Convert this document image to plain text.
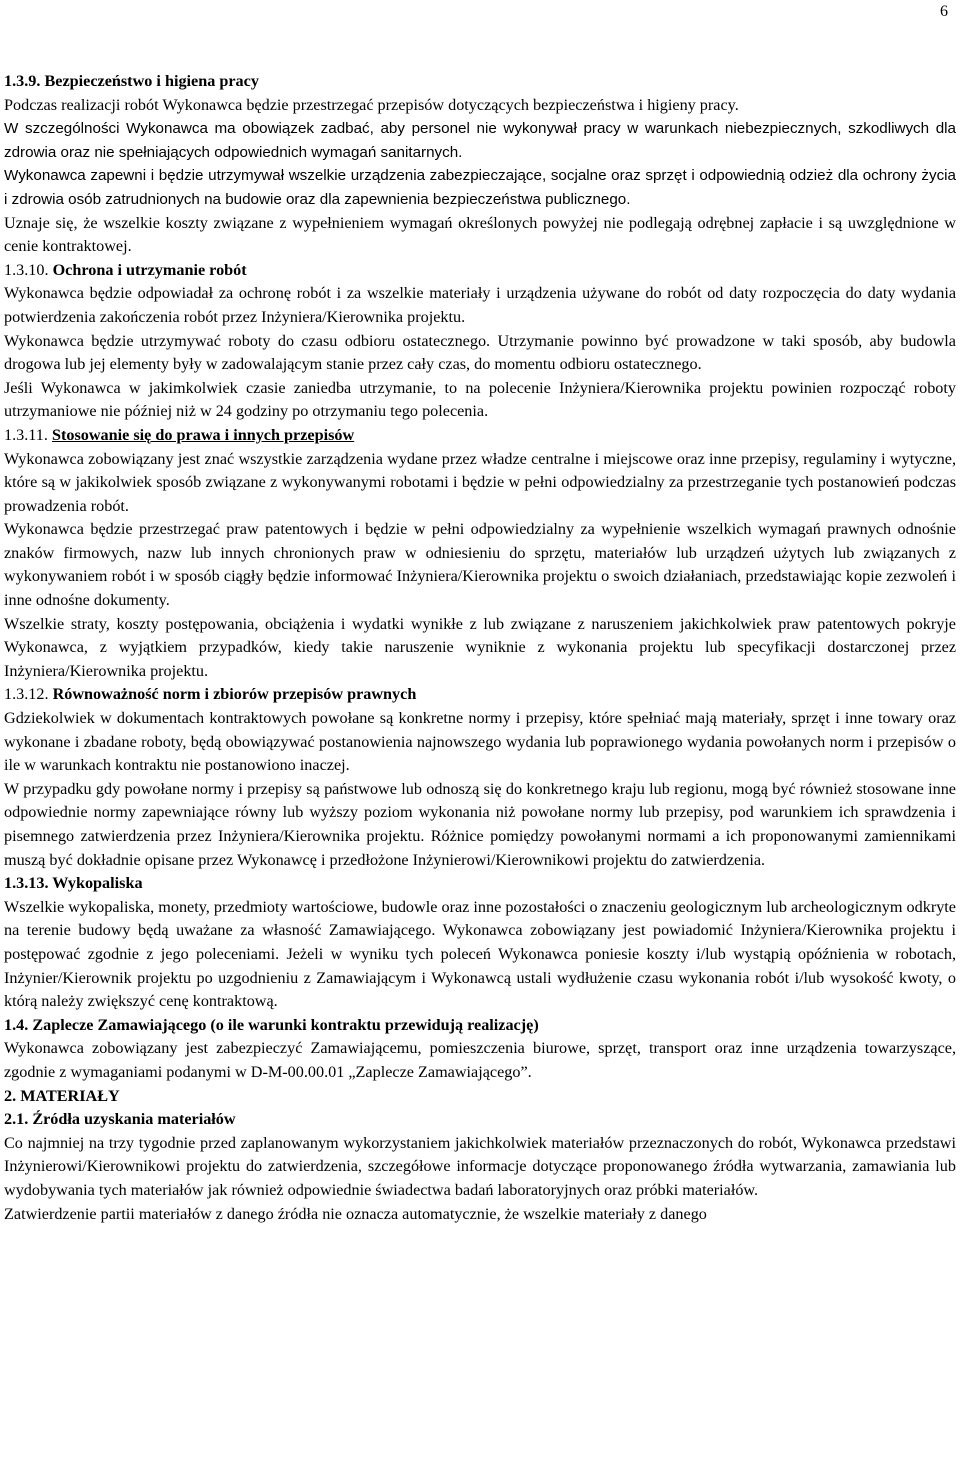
6

1.3.9. Bezpieczeństwo i higiena pracy

Podczas realizacji robót Wykonawca będzie przestrzegać przepisów dotyczących bezpieczeństwa i higieny pracy.

W szczególności Wykonawca ma obowiązek zadbać, aby personel nie wykonywał pracy w warunkach niebezpiecznych, szkodliwych dla zdrowia oraz nie spełniających odpowiednich wymagań sanitarnych.

Wykonawca zapewni i będzie utrzymywał wszelkie urządzenia zabezpieczające, socjalne oraz sprzęt i odpowiednią odzież dla ochrony życia i zdrowia osób zatrudnionych na budowie oraz dla zapewnienia bezpieczeństwa publicznego.

Uznaje się, że wszelkie koszty związane z wypełnieniem wymagań określonych powyżej nie podlegają odrębnej zapłacie i są uwzględnione w cenie kontraktowej.

1.3.10. Ochrona i utrzymanie robót

Wykonawca będzie odpowiadał za ochronę robót i za wszelkie materiały i urządzenia używane do robót od daty rozpoczęcia do daty wydania potwierdzenia zakończenia robót przez Inżyniera/Kierownika projektu.

Wykonawca będzie utrzymywać roboty do czasu odbioru ostatecznego. Utrzymanie powinno być prowadzone w taki sposób, aby budowla drogowa lub jej elementy były w zadowalającym stanie przez cały czas, do momentu odbioru ostatecznego.

Jeśli Wykonawca w jakimkolwiek czasie zaniedba utrzymanie, to na polecenie Inżyniera/Kierownika projektu powinien rozpocząć roboty utrzymaniowe nie później niż w 24 godziny po otrzymaniu tego polecenia.

1.3.11. Stosowanie się do prawa i innych przepisów

Wykonawca zobowiązany jest znać wszystkie zarządzenia wydane przez władze centralne i miejscowe oraz inne przepisy, regulaminy i wytyczne, które są w jakikolwiek sposób związane z wykonywanymi robotami i będzie w pełni odpowiedzialny za przestrzeganie tych postanowień podczas prowadzenia robót.

Wykonawca będzie przestrzegać praw patentowych i będzie w pełni odpowiedzialny za wypełnienie wszelkich wymagań prawnych odnośnie znaków firmowych, nazw lub innych chronionych praw w odniesieniu do sprzętu, materiałów lub urządzeń użytych lub związanych z wykonywaniem robót i w sposób ciągły będzie informować Inżyniera/Kierownika projektu o swoich działaniach, przedstawiając kopie zezwoleń i inne odnośne dokumenty.

Wszelkie straty, koszty postępowania, obciążenia i wydatki wynikłe z lub związane z naruszeniem jakichkolwiek praw patentowych pokryje Wykonawca, z wyjątkiem przypadków, kiedy takie naruszenie wyniknie z wykonania projektu lub specyfikacji dostarczonej przez Inżyniera/Kierownika projektu.

1.3.12. Równoważność norm i zbiorów przepisów prawnych

Gdziekolwiek w dokumentach kontraktowych powołane są konkretne normy i przepisy, które spełniać mają materiały, sprzęt i inne towary oraz wykonane i zbadane roboty, będą obowiązywać postanowienia najnowszego wydania lub poprawionego wydania powołanych norm i przepisów o ile w warunkach kontraktu nie postanowiono inaczej.

W przypadku gdy powołane normy i przepisy są państwowe lub odnoszą się do konkretnego kraju lub regionu, mogą być również stosowane inne odpowiednie normy zapewniające równy lub wyższy poziom wykonania niż powołane normy lub przepisy, pod warunkiem ich sprawdzenia i pisemnego zatwierdzenia przez Inżyniera/Kierownika projektu. Różnice pomiędzy powołanymi normami a ich proponowanymi zamiennikami muszą być dokładnie opisane przez Wykonawcę i przedłożone Inżynierowi/Kierownikowi projektu do zatwierdzenia.

1.3.13. Wykopaliska

Wszelkie wykopaliska, monety, przedmioty wartościowe, budowle oraz inne pozostałości o znaczeniu geologicznym lub archeologicznym odkryte na terenie budowy będą uważane za własność Zamawiającego. Wykonawca zobowiązany jest powiadomić Inżyniera/Kierownika projektu i postępować zgodnie z jego poleceniami. Jeżeli w wyniku tych poleceń Wykonawca poniesie koszty i/lub wystąpią opóźnienia w robotach, Inżynier/Kierownik projektu po uzgodnieniu z Zamawiającym i Wykonawcą ustali wydłużenie czasu wykonania robót i/lub wysokość kwoty, o którą należy zwiększyć cenę kontraktową.

1.4. Zaplecze Zamawiającego (o ile warunki kontraktu przewidują realizację)

Wykonawca zobowiązany jest zabezpieczyć Zamawiającemu, pomieszczenia biurowe, sprzęt, transport oraz inne urządzenia towarzyszące, zgodnie z wymaganiami podanymi w D-M-00.00.01 „Zaplecze Zamawiającego”.

2. MATERIAŁY

2.1. Źródła uzyskania materiałów

Co najmniej na trzy tygodnie przed zaplanowanym wykorzystaniem jakichkolwiek materiałów przeznaczonych do robót, Wykonawca przedstawi Inżynierowi/Kierownikowi projektu do zatwierdzenia, szczegółowe informacje dotyczące proponowanego źródła wytwarzania, zamawiania lub wydobywania tych materiałów jak również odpowiednie świadectwa badań laboratoryjnych oraz próbki materiałów.

Zatwierdzenie partii materiałów z danego źródła nie oznacza automatycznie, że wszelkie materiały z danego
